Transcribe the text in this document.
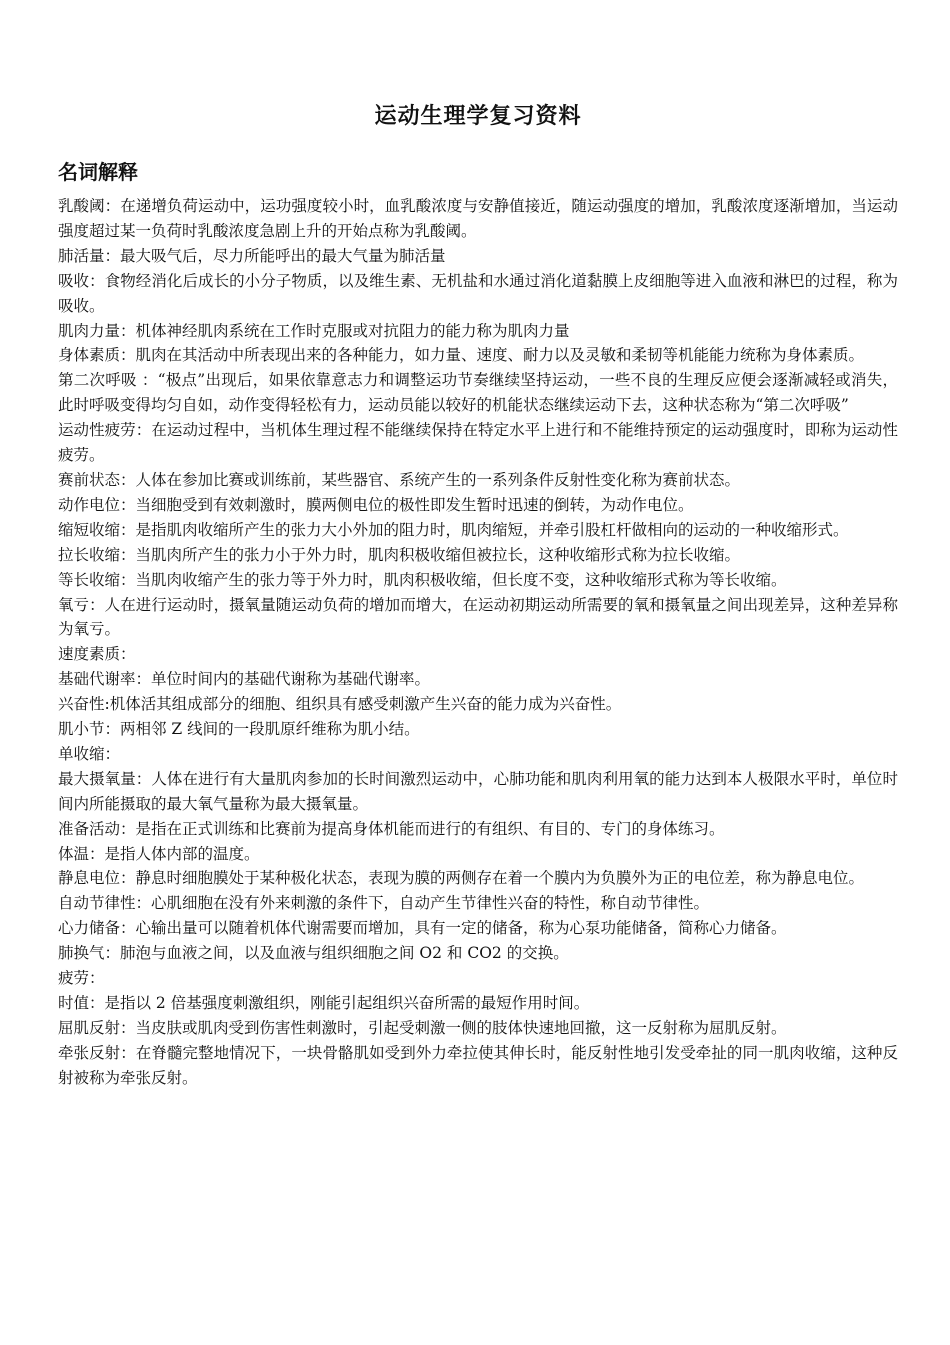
运动生理学复习资料
名词解释

乳酸阈：在递增负荷运动中，运功强度较小时，血乳酸浓度与安静值接近，随运动强度的增加，乳酸浓度逐渐增加，当运动强度超过某一负荷时乳酸浓度急剧上升的开始点称为乳酸阈。

肺活量：最大吸气后，尽力所能呼出的最大气量为肺活量

吸收：食物经消化后成长的小分子物质，以及维生素、无机盐和水通过消化道黏膜上皮细胞等进入血液和淋巴的过程，称为吸收。

肌肉力量：机体神经肌肉系统在工作时克服或对抗阻力的能力称为肌肉力量

身体素质：肌肉在其活动中所表现出来的各种能力，如力量、速度、耐力以及灵敏和柔韧等机能能力统称为身体素质。

第二次呼吸 ：“极点”出现后，如果依靠意志力和调整运功节奏继续坚持运动，一些不良的生理反应便会逐渐减轻或消失，此时呼吸变得均匀自如，动作变得轻松有力，运动员能以较好的机能状态继续运动下去，这种状态称为“第二次呼吸”

运动性疲劳：在运动过程中，当机体生理过程不能继续保持在特定水平上进行和不能维持预定的运动强度时，即称为运动性疲劳。

赛前状态：人体在参加比赛或训练前，某些器官、系统产生的一系列条件反射性变化称为赛前状态。

动作电位：当细胞受到有效刺激时，膜两侧电位的极性即发生暂时迅速的倒转，为动作电位。

缩短收缩：是指肌肉收缩所产生的张力大小外加的阻力时，肌肉缩短，并牵引股杠杆做相向的运动的一种收缩形式。

拉长收缩：当肌肉所产生的张力小于外力时，肌肉积极收缩但被拉长，这种收缩形式称为拉长收缩。

等长收缩：当肌肉收缩产生的张力等于外力时，肌肉积极收缩，但长度不变，这种收缩形式称为等长收缩。

氧亏：人在进行运动时，摄氧量随运动负荷的增加而增大，在运动初期运动所需要的氧和摄氧量之间出现差异，这种差异称为氧亏。

速度素质：

基础代谢率：单位时间内的基础代谢称为基础代谢率。

兴奋性:机体活其组成部分的细胞、组织具有感受刺激产生兴奋的能力成为兴奋性。

肌小节：两相邻 Z 线间的一段肌原纤维称为肌小结。

单收缩：

最大摄氧量：人体在进行有大量肌肉参加的长时间激烈运动中，心肺功能和肌肉利用氧的能力达到本人极限水平时，单位时间内所能摄取的最大氧气量称为最大摄氧量。

准备活动：是指在正式训练和比赛前为提高身体机能而进行的有组织、有目的、专门的身体练习。

体温：是指人体内部的温度。

静息电位：静息时细胞膜处于某种极化状态，表现为膜的两侧存在着一个膜内为负膜外为正的电位差，称为静息电位。

自动节律性：心肌细胞在没有外来刺激的条件下，自动产生节律性兴奋的特性，称自动节律性。

心力储备：心输出量可以随着机体代谢需要而增加，具有一定的储备，称为心泵功能储备，简称心力储备。

肺换气：肺泡与血液之间，以及血液与组织细胞之间 O2 和 CO2 的交换。

疲劳：

时值：是指以 2 倍基强度刺激组织，刚能引起组织兴奋所需的最短作用时间。

屈肌反射：当皮肤或肌肉受到伤害性刺激时，引起受刺激一侧的肢体快速地回撤，这一反射称为屈肌反射。

牵张反射：在脊髓完整地情况下，一块骨骼肌如受到外力牵拉使其伸长时，能反射性地引发受牵扯的同一肌肉收缩，这种反射被称为牵张反射。
